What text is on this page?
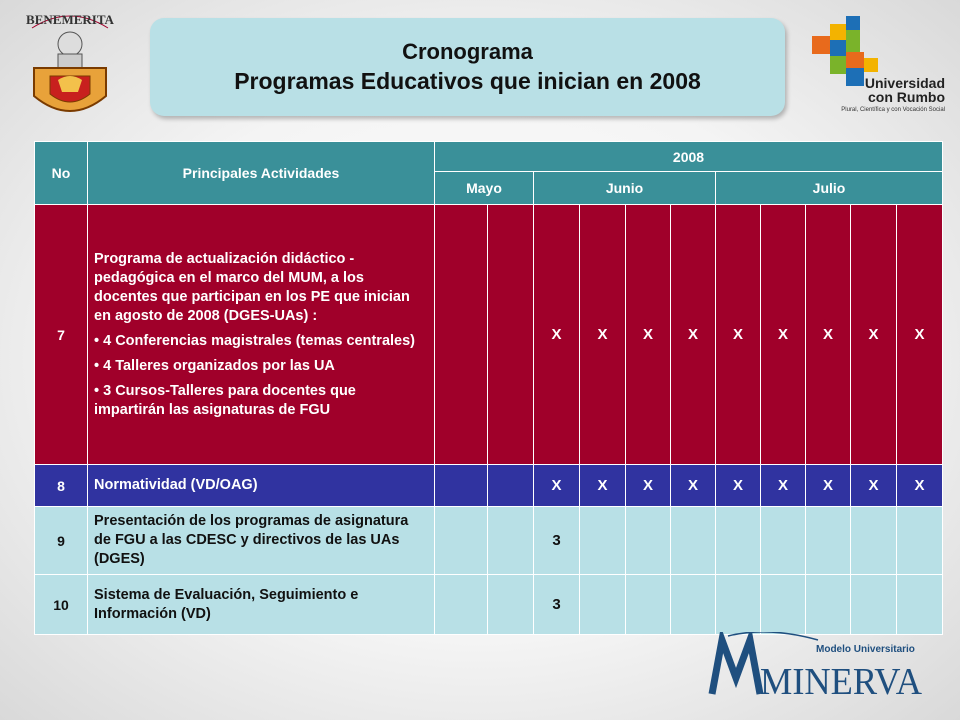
BENEMERITA
Cronograma
Programas Educativos que inician en 2008	Universidad
con Rumbo
Plural, Científica y con Vocación Social
No	Principales Actividades	2008										
		Mayo		Junio				Julio				
7	Programa de actualización didáctico - pedagógica en el marco del MUM, a los docentes que participan en los PE que inician en agosto de 2008 (DGES-UAs) :

• 4 Conferencias magistrales (temas centrales)

• 4 Talleres organizados por las UA

• 3 Cursos-Talleres para docentes que impartirán las asignaturas de FGU			X	X	X	X	X	X	X	X	X
8	Normatividad (VD/OAG)			X	X	X	X	X	X	X	X	X
9	Presentación de los programas de asignatura de FGU a las CDESC y directivos de las UAs (DGES)			3								
10	Sistema de Evaluación, Seguimiento e Información (VD)			3								
Modelo Universitario
MINERVA
